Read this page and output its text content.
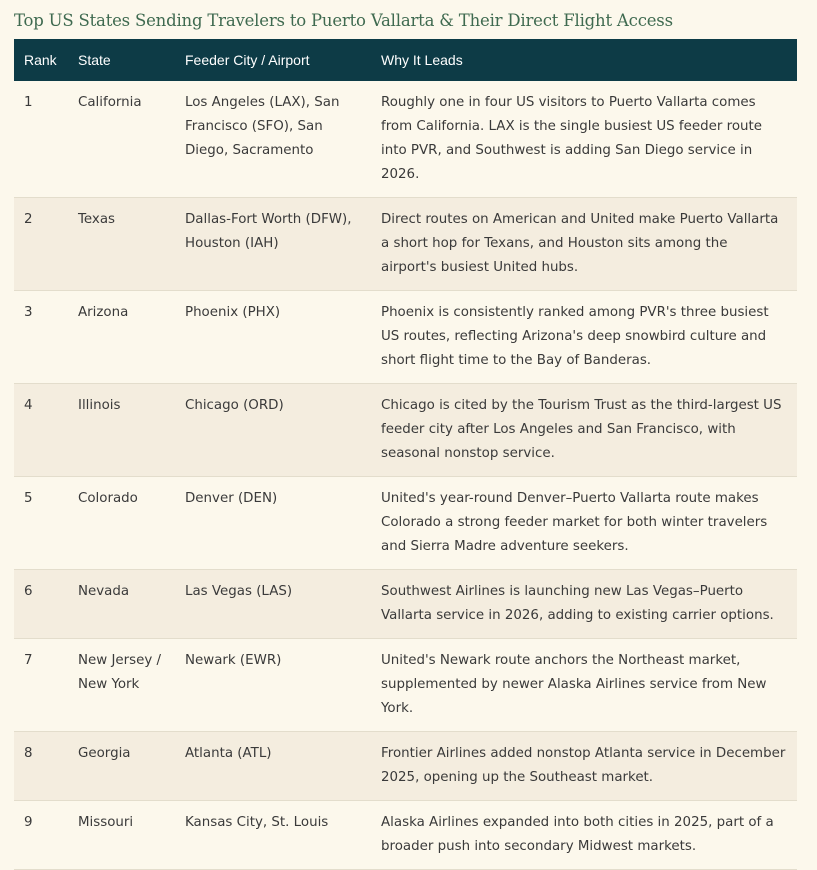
Top US States Sending Travelers to Puerto Vallarta & Their Direct Flight Access
Rank	State	Feeder City / Airport	Why It Leads
1	California	Los Angeles (LAX), San Francisco (SFO), San Diego, Sacramento	Roughly one in four US visitors to Puerto Vallarta comes from California. LAX is the single busiest US feeder route into PVR, and Southwest is adding San Diego service in 2026.
2	Texas	Dallas-Fort Worth (DFW), Houston (IAH)	Direct routes on American and United make Puerto Vallarta a short hop for Texans, and Houston sits among the airport's busiest United hubs.
3	Arizona	Phoenix (PHX)	Phoenix is consistently ranked among PVR's three busiest US routes, reflecting Arizona's deep snowbird culture and short flight time to the Bay of Banderas.
4	Illinois	Chicago (ORD)	Chicago is cited by the Tourism Trust as the third-largest US feeder city after Los Angeles and San Francisco, with seasonal nonstop service.
5	Colorado	Denver (DEN)	United's year-round Denver–Puerto Vallarta route makes Colorado a strong feeder market for both winter travelers and Sierra Madre adventure seekers.
6	Nevada	Las Vegas (LAS)	Southwest Airlines is launching new Las Vegas–Puerto Vallarta service in 2026, adding to existing carrier options.
7	New Jersey / New York	Newark (EWR)	United's Newark route anchors the Northeast market, supplemented by newer Alaska Airlines service from New York.
8	Georgia	Atlanta (ATL)	Frontier Airlines added nonstop Atlanta service in December 2025, opening up the Southeast market.
9	Missouri	Kansas City, St. Louis	Alaska Airlines expanded into both cities in 2025, part of a broader push into secondary Midwest markets.
